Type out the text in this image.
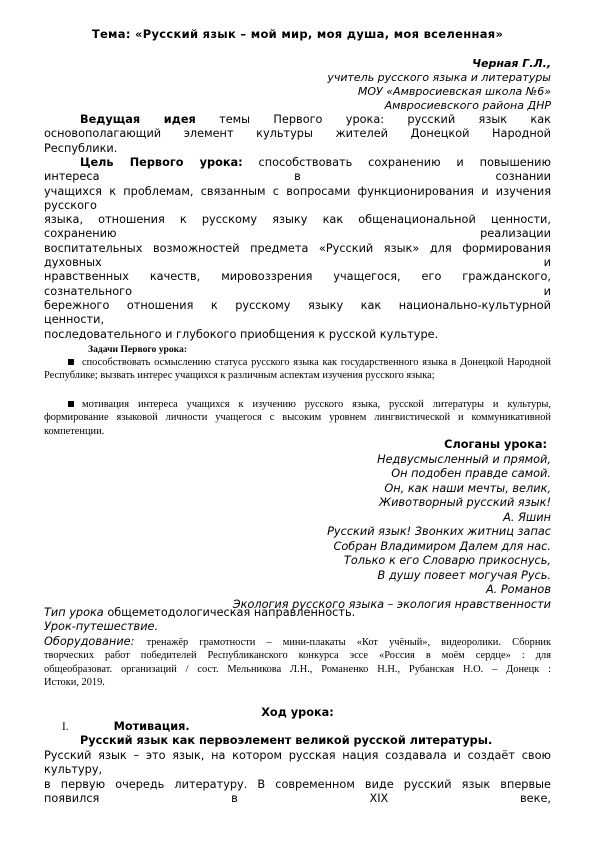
Тема: «Русский язык – мой мир, моя душа, моя вселенная»
Черная Г.Л.,
учитель русского языка и литературы
МОУ «Амвросиевская школа №6»
Амвросиевского района ДНР
Ведущая идея темы Первого урока: русский язык как
основополагающий элемент культуры жителей Донецкой Народной
Республики.
Цель Первого урока: способствовать сохранению и повышению
интереса в сознании
учащихся к проблемам, связанным с вопросами функционирования и изучения
русского
языка, отношения к русскому языку как общенациональной ценности,
сохранению реализации
воспитательных возможностей предмета «Русский язык» для формирования
духовных и
нравственных качеств, мировоззрения учащегося, его гражданского,
сознательного и
бережного отношения к русскому языку как национально-культурной
ценности,
последовательного и глубокого приобщения к русской культуре.
Задачи Первого урока:
способствовать осмыслению статуса русского языка как государственного языка в Донецкой Народной Республике; вызвать интерес учащихся к различным аспектам изучения русского языка;
мотивация интереса учащихся к изучению русского языка, русской литературы и культуры, формирование языковой личности учащегося с высоким уровнем лингвистической и коммуникативной компетенции.
Слоганы урока:
Недвусмысленный и прямой,
Он подобен правде самой.
Он, как наши мечты, велик,
Животворный русский язык!
А. Яшин
Русский язык! Звонких житниц запас
Собран Владимиром Далем для нас.
Только к его Словарю прикоснусь,
В душу повеет могучая Русь.
А. Романов
Экология русского языка – экология нравственности
Тип урока общеметодологическая направленность.
Урок-путешествие.
Оборудование: тренажёр грамотности – мини-плакаты «Кот учёный», видеоролики. Сборник
творческих работ победителей Республиканского конкурса эссе «Россия в моём сердце» : для
общеобразоват. организаций / сост. Мельникова Л.Н., Романенко Н.Н., Рубанская Н.О. – Донецк :
Истоки, 2019.
Ход урока:
I.	Мотивация.
Русский язык как первоэлемент великой русской литературы.
Русский язык – это язык, на котором русская нация создавала и создаёт свою
культуру,
в первую очередь литературу. В современном виде русский язык впервые
появился в XIX веке,
